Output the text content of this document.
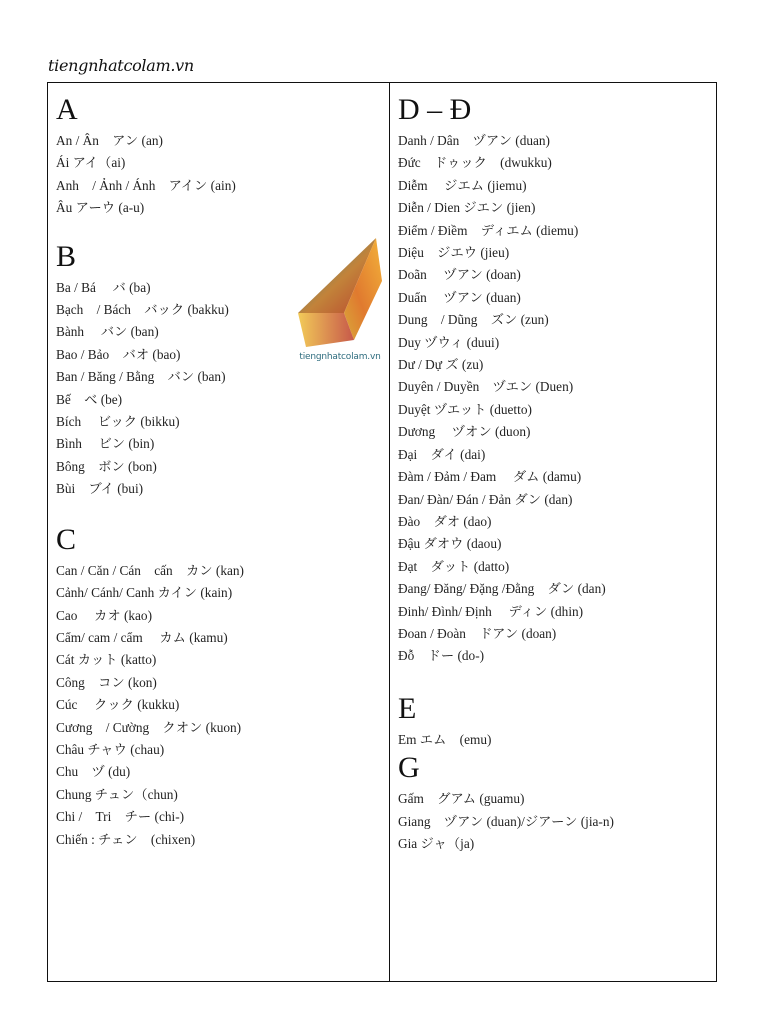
tiengnhatcolam.vn
A
An / Ân　アン (an)
Ái アイ（ai)
Anh　/ Ảnh / Ánh　アイン (ain)
Âu アーウ (a-u)
B
Ba / Bá　 バ (ba)
Bạch　/ Bách　バック (bakku)
Bành　 バン (ban)
Bao / Bảo　バオ (bao)
Ban / Băng / Bằng　バン (ban)
Bế　ベ (be)
Bích　 ビック (bikku)
Bình　 ビン (bin)
Bông　ボン (bon)
Bùi　ブイ (bui)
C
Can / Căn / Cán　cấn　カン (kan)
Cảnh/ Cánh/ Canh カイン (kain)
Cao　 カオ (kao)
Cẩm/ cam / cẩm　 カム (kamu)
Cát カット (katto)
Công　コン (kon)
Cúc　 クック (kukku)
Cương　/ Cường　クオン (kuon)
Châu チャウ (chau)
Chu　ヅ (du)
Chung チュン（chun)
Chi /　Tri　チー (chi-)
Chiến : チェン　(chixen)
D – Đ
Danh / Dân　ヅアン (duan)
Đức　ドゥック　(dwukku)
Diễm　 ジエム (jiemu)
Diễn / Dien ジエン (jien)
Điểm / Điềm　ディエム (diemu)
Diệu　ジエウ (jieu)
Doãn　 ヅアン (doan)
Duẩn　 ヅアン (duan)
Dung　/ Dũng　ズン (zun)
Duy ヅウィ (duui)
Dư / Dự ズ (zu)
Duyên / Duyền　ヅエン (Duen)
Duyệt ヅエット (duetto)
Dương　 ヅオン (duon)
Đại　ダイ (dai)
Đàm / Đảm / Đam　 ダム (damu)
Đan/ Đàn/ Đán / Đản ダン (dan)
Đào　ダオ (dao)
Đậu ダオウ (daou)
Đạt　ダット (datto)
Đang/ Đăng/ Đặng /Đằng　ダン (dan)
Đinh/ Đình/ Định　 ディン (dhin)
Đoan / Đoàn　ドアン (doan)
Đỗ　ドー (do-)
E
Em エム　(emu)
G
Gấm　グアム (guamu)
Giang　ヅアン (duan)/ジアーン (jia-n)
Gia ジャ（ja)
tiengnhatcolam.vn
